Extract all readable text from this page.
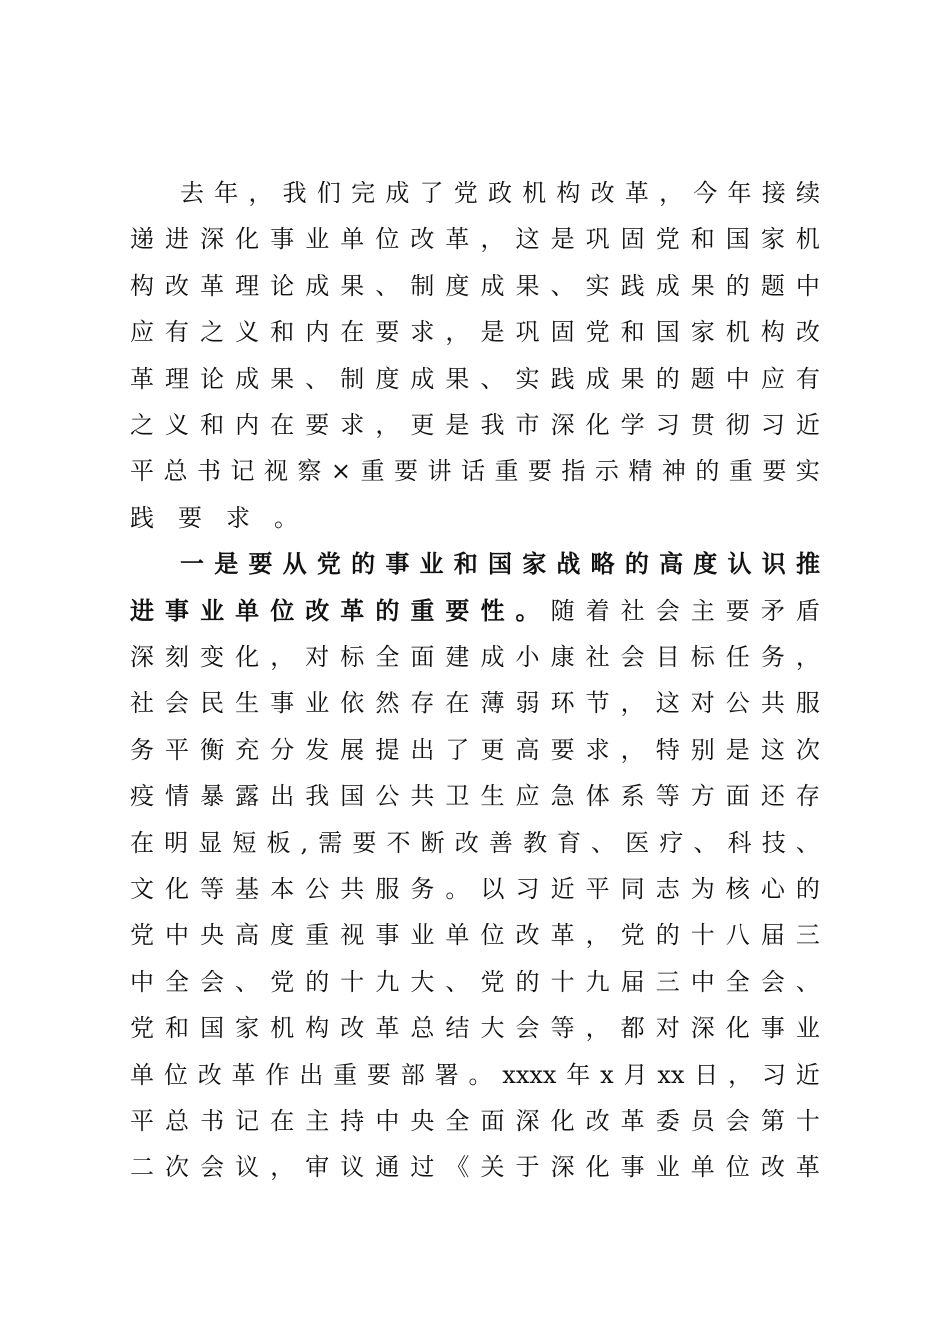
去 年 ， 我 们 完 成 了 党 政 机 构 改 革 ， 今 年 接 续
递 进 深 化 事 业 单 位 改 革 ， 这 是 巩 固 党 和 国 家 机
构 改 革 理 论 成 果 、 制 度 成 果 、 实 践 成 果 的 题 中
应 有 之 义 和 内 在 要 求 ， 是 巩 固 党 和 国 家 机 构 改
革 理 论 成 果 、 制 度 成 果 、 实 践 成 果 的 题 中 应 有
之 义 和 内 在 要 求 ， 更 是 我 市 深 化 学 习 贯 彻 习 近
平 总 书 记 视 察 × 重 要 讲 话 重 要 指 示 精 神 的 重 要 实
践要求。
一 是 要 从 党 的 事 业 和 国 家 战 略 的 高 度 认 识 推
进 事 业 单 位 改 革 的 重 要 性 。 随 着 社 会 主 要 矛 盾
深 刻 变 化 ， 对 标 全 面 建 成 小 康 社 会 目 标 任 务 ，
社 会 民 生 事 业 依 然 存 在 薄 弱 环 节 ， 这 对 公 共 服
务 平 衡 充 分 发 展 提 出 了 更 高 要 求 ， 特 别 是 这 次
疫 情 暴 露 出 我 国 公 共 卫 生 应 急 体 系 等 方 面 还 存
在 明 显 短 板 , 需 要 不 断 改 善 教 育 、 医 疗 、 科 技 、
文 化 等 基 本 公 共 服 务 。 以 习 近 平 同 志 为 核 心 的
党 中 央 高 度 重 视 事 业 单 位 改 革 ， 党 的 十 八 届 三
中 全 会 、 党 的 十 九 大 、 党 的 十 九 届 三 中 全 会 、
党 和 国 家 机 构 改 革 总 结 大 会 等 ， 都 对 深 化 事 业
单 位 改 革 作 出 重 要 部 署 。 xxxx 年 x 月 xx 日 ， 习 近
平 总 书 记 在 主 持 中 央 全 面 深 化 改 革 委 员 会 第 十
二 次 会 议 ， 审 议 通 过 《 关 于 深 化 事 业 单 位 改 革
